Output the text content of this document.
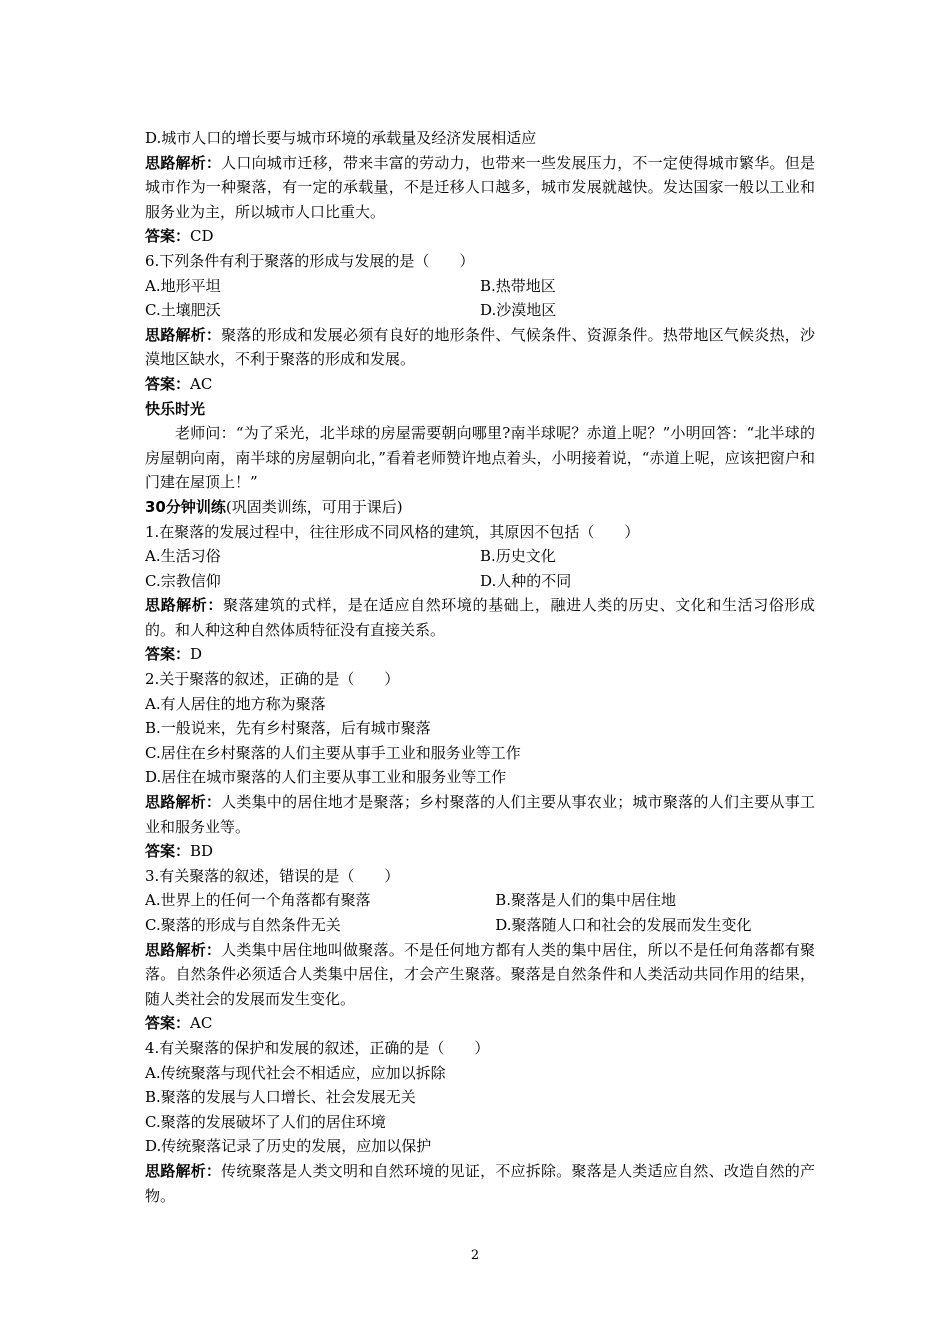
D.城市人口的增长要与城市环境的承载量及经济发展相适应
思路解析：人口向城市迁移，带来丰富的劳动力，也带来一些发展压力，不一定使得城市繁华。但是城市作为一种聚落，有一定的承载量，不是迁移人口越多，城市发展就越快。发达国家一般以工业和服务业为主，所以城市人口比重大。
答案：CD
6.下列条件有利于聚落的形成与发展的是（　　）
A.地形平坦	B.热带地区
C.土壤肥沃	D.沙漠地区
思路解析：聚落的形成和发展必须有良好的地形条件、气候条件、资源条件。热带地区气候炎热，沙漠地区缺水，不利于聚落的形成和发展。
答案：AC
快乐时光
老师问：“为了采光，北半球的房屋需要朝向哪里?南半球呢？赤道上呢？”小明回答：“北半球的房屋朝向南，南半球的房屋朝向北，”看着老师赞许地点着头，小明接着说，“赤道上呢，应该把窗户和门建在屋顶上！”
30分钟训练(巩固类训练，可用于课后)
1.在聚落的发展过程中，往往形成不同风格的建筑，其原因不包括（　　）
A.生活习俗	B.历史文化
C.宗教信仰	D.人种的不同
思路解析：聚落建筑的式样，是在适应自然环境的基础上，融进人类的历史、文化和生活习俗形成的。和人种这种自然体质特征没有直接关系。
答案：D
2.关于聚落的叙述，正确的是（　　）
A.有人居住的地方称为聚落
B.一般说来，先有乡村聚落，后有城市聚落
C.居住在乡村聚落的人们主要从事手工业和服务业等工作
D.居住在城市聚落的人们主要从事工业和服务业等工作
思路解析：人类集中的居住地才是聚落；乡村聚落的人们主要从事农业；城市聚落的人们主要从事工业和服务业等。
答案：BD
3.有关聚落的叙述，错误的是（　　）
A.世界上的任何一个角落都有聚落	B.聚落是人们的集中居住地
C.聚落的形成与自然条件无关	D.聚落随人口和社会的发展而发生变化
思路解析：人类集中居住地叫做聚落。不是任何地方都有人类的集中居住，所以不是任何角落都有聚落。自然条件必须适合人类集中居住，才会产生聚落。聚落是自然条件和人类活动共同作用的结果，随人类社会的发展而发生变化。
答案：AC
4.有关聚落的保护和发展的叙述，正确的是（　　）
A.传统聚落与现代社会不相适应，应加以拆除
B.聚落的发展与人口增长、社会发展无关
C.聚落的发展破坏了人们的居住环境
D.传统聚落记录了历史的发展，应加以保护
思路解析：传统聚落是人类文明和自然环境的见证，不应拆除。聚落是人类适应自然、改造自然的产物。
2
